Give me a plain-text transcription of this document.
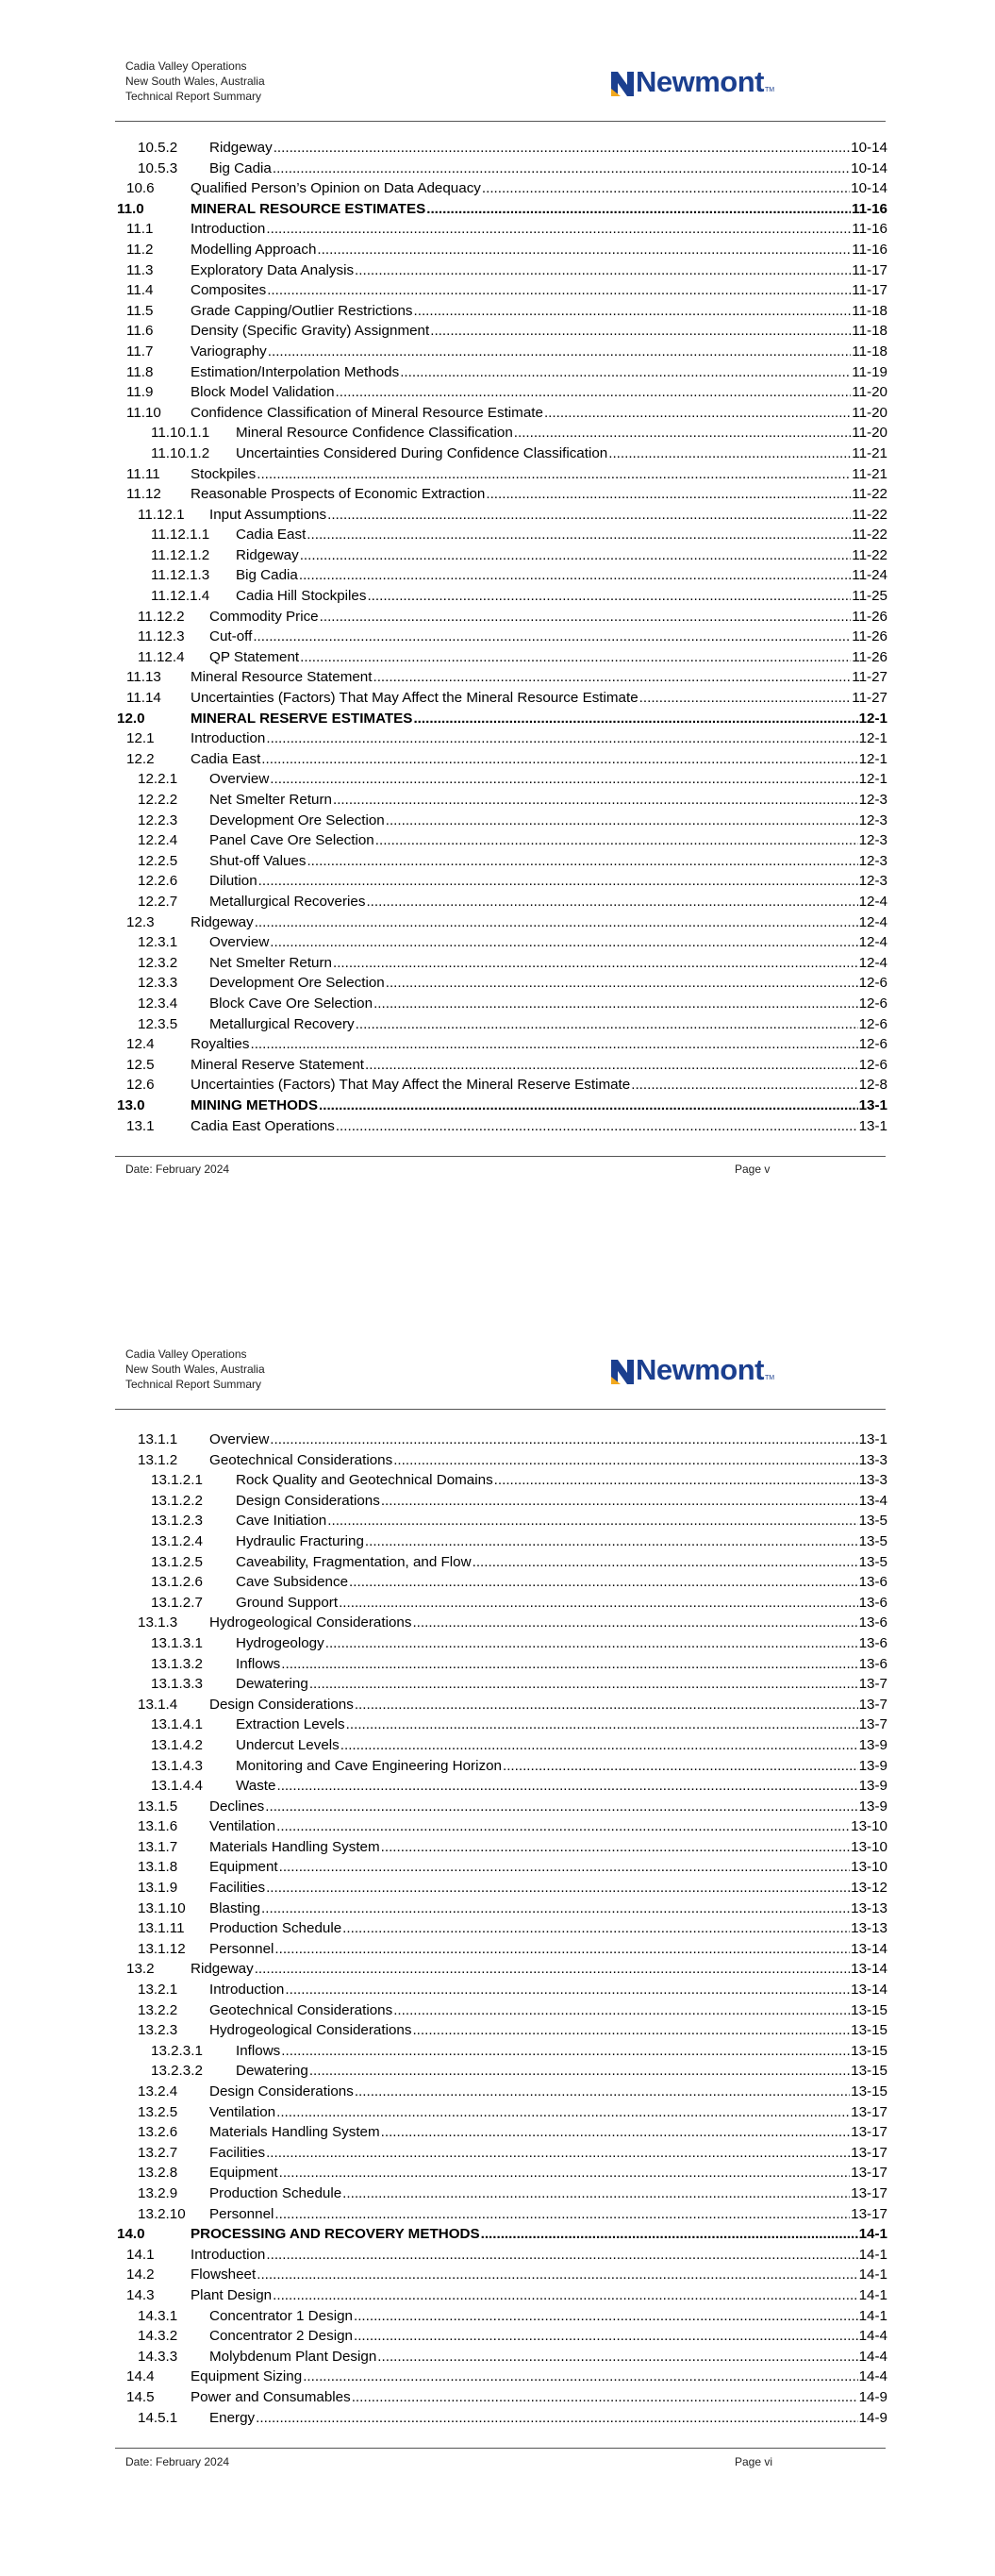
Cadia Valley Operations
New South Wales, Australia
Technical Report Summary	Newmont TM
10.5.2	Ridgeway .....	10-14
10.5.3	Big Cadia .....	10-14
10.6	Qualified Person’s Opinion on Data Adequacy .....	10-14
11.0	MINERAL RESOURCE ESTIMATES .....	11-16
11.1	Introduction .....	11-16
11.2	Modelling Approach .....	11-16
11.3	Exploratory Data Analysis .....	11-17
11.4	Composites .....	11-17
11.5	Grade Capping/Outlier Restrictions .....	11-18
11.6	Density (Specific Gravity) Assignment .....	11-18
11.7	Variography .....	11-18
11.8	Estimation/Interpolation Methods .....	11-19
11.9	Block Model Validation .....	11-20
11.10	Confidence Classification of Mineral Resource Estimate .....	11-20
11.10.1.1	Mineral Resource Confidence Classification .....	11-20
11.10.1.2	Uncertainties Considered During Confidence Classification .....	11-21
11.11	Stockpiles .....	11-21
11.12	Reasonable Prospects of Economic Extraction .....	11-22
11.12.1	Input Assumptions .....	11-22
11.12.1.1	Cadia East .....	11-22
11.12.1.2	Ridgeway .....	11-22
11.12.1.3	Big Cadia .....	11-24
11.12.1.4	Cadia Hill Stockpiles .....	11-25
11.12.2	Commodity Price .....	11-26
11.12.3	Cut-off .....	11-26
11.12.4	QP Statement .....	11-26
11.13	Mineral Resource Statement .....	11-27
11.14	Uncertainties (Factors) That May Affect the Mineral Resource Estimate .....	11-27
12.0	MINERAL RESERVE ESTIMATES .....	12-1
12.1	Introduction .....	12-1
12.2	Cadia East .....	12-1
12.2.1	Overview .....	12-1
12.2.2	Net Smelter Return .....	12-3
12.2.3	Development Ore Selection .....	12-3
12.2.4	Panel Cave Ore Selection .....	12-3
12.2.5	Shut-off Values .....	12-3
12.2.6	Dilution .....	12-3
12.2.7	Metallurgical Recoveries .....	12-4
12.3	Ridgeway .....	12-4
12.3.1	Overview .....	12-4
12.3.2	Net Smelter Return .....	12-4
12.3.3	Development Ore Selection .....	12-6
12.3.4	Block Cave Ore Selection .....	12-6
12.3.5	Metallurgical Recovery .....	12-6
12.4	Royalties .....	12-6
12.5	Mineral Reserve Statement .....	12-6
12.6	Uncertainties (Factors) That May Affect the Mineral Reserve Estimate .....	12-8
13.0	MINING METHODS .....	13-1
13.1	Cadia East Operations .....	13-1
Date: February 2024	Page v
Cadia Valley Operations
New South Wales, Australia
Technical Report Summary	Newmont TM
13.1.1	Overview .....	13-1
13.1.2	Geotechnical Considerations .....	13-3
13.1.2.1	Rock Quality and Geotechnical Domains .....	13-3
13.1.2.2	Design Considerations .....	13-4
13.1.2.3	Cave Initiation .....	13-5
13.1.2.4	Hydraulic Fracturing .....	13-5
13.1.2.5	Caveability, Fragmentation, and Flow .....	13-5
13.1.2.6	Cave Subsidence .....	13-6
13.1.2.7	Ground Support .....	13-6
13.1.3	Hydrogeological Considerations .....	13-6
13.1.3.1	Hydrogeology .....	13-6
13.1.3.2	Inflows .....	13-6
13.1.3.3	Dewatering .....	13-7
13.1.4	Design Considerations .....	13-7
13.1.4.1	Extraction Levels .....	13-7
13.1.4.2	Undercut Levels .....	13-9
13.1.4.3	Monitoring and Cave Engineering Horizon .....	13-9
13.1.4.4	Waste .....	13-9
13.1.5	Declines .....	13-9
13.1.6	Ventilation .....	13-10
13.1.7	Materials Handling System .....	13-10
13.1.8	Equipment .....	13-10
13.1.9	Facilities .....	13-12
13.1.10	Blasting .....	13-13
13.1.11	Production Schedule .....	13-13
13.1.12	Personnel .....	13-14
13.2	Ridgeway .....	13-14
13.2.1	Introduction .....	13-14
13.2.2	Geotechnical Considerations .....	13-15
13.2.3	Hydrogeological Considerations .....	13-15
13.2.3.1	Inflows .....	13-15
13.2.3.2	Dewatering .....	13-15
13.2.4	Design Considerations .....	13-15
13.2.5	Ventilation .....	13-17
13.2.6	Materials Handling System .....	13-17
13.2.7	Facilities .....	13-17
13.2.8	Equipment .....	13-17
13.2.9	Production Schedule .....	13-17
13.2.10	Personnel .....	13-17
14.0	PROCESSING AND RECOVERY METHODS .....	14-1
14.1	Introduction .....	14-1
14.2	Flowsheet .....	14-1
14.3	Plant Design .....	14-1
14.3.1	Concentrator 1 Design .....	14-1
14.3.2	Concentrator 2 Design .....	14-4
14.3.3	Molybdenum Plant Design .....	14-4
14.4	Equipment Sizing .....	14-4
14.5	Power and Consumables .....	14-9
14.5.1	Energy .....	14-9
Date: February 2024	Page vi
